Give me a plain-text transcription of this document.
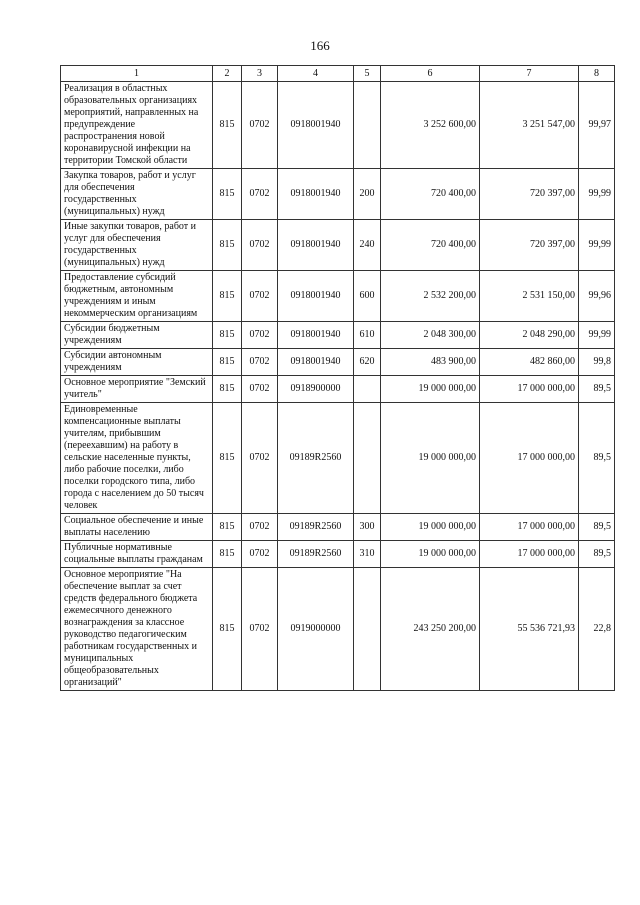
166
1	2	3	4	5	6	7	8
Реализация в областных образовательных организациях мероприятий, направленных на предупреждение распространения новой коронавирусной инфекции на территории Томской области	815	0702	0918001940		3 252 600,00	3 251 547,00	99,97
Закупка товаров, работ и услуг для обеспечения государственных (муниципальных) нужд	815	0702	0918001940	200	720 400,00	720 397,00	99,99
Иные закупки товаров, работ и услуг для обеспечения государственных (муниципальных) нужд	815	0702	0918001940	240	720 400,00	720 397,00	99,99
Предоставление субсидий бюджетным, автономным учреждениям и иным некоммерческим организациям	815	0702	0918001940	600	2 532 200,00	2 531 150,00	99,96
Субсидии бюджетным учреждениям	815	0702	0918001940	610	2 048 300,00	2 048 290,00	99,99
Субсидии автономным учреждениям	815	0702	0918001940	620	483 900,00	482 860,00	99,8
Основное мероприятие "Земский учитель"	815	0702	0918900000		19 000 000,00	17 000 000,00	89,5
Единовременные компенсационные выплаты учителям, прибывшим (переехавшим) на работу в сельские населенные пункты, либо рабочие поселки, либо поселки городского типа, либо города с населением до 50 тысяч человек	815	0702	09189R2560		19 000 000,00	17 000 000,00	89,5
Социальное обеспечение и иные выплаты населению	815	0702	09189R2560	300	19 000 000,00	17 000 000,00	89,5
Публичные нормативные социальные выплаты гражданам	815	0702	09189R2560	310	19 000 000,00	17 000 000,00	89,5
Основное мероприятие "На обеспечение выплат за счет средств федерального бюджета ежемесячного денежного вознаграждения за классное руководство педагогическим работникам государственных и муниципальных общеобразовательных организаций"	815	0702	0919000000		243 250 200,00	55 536 721,93	22,8
